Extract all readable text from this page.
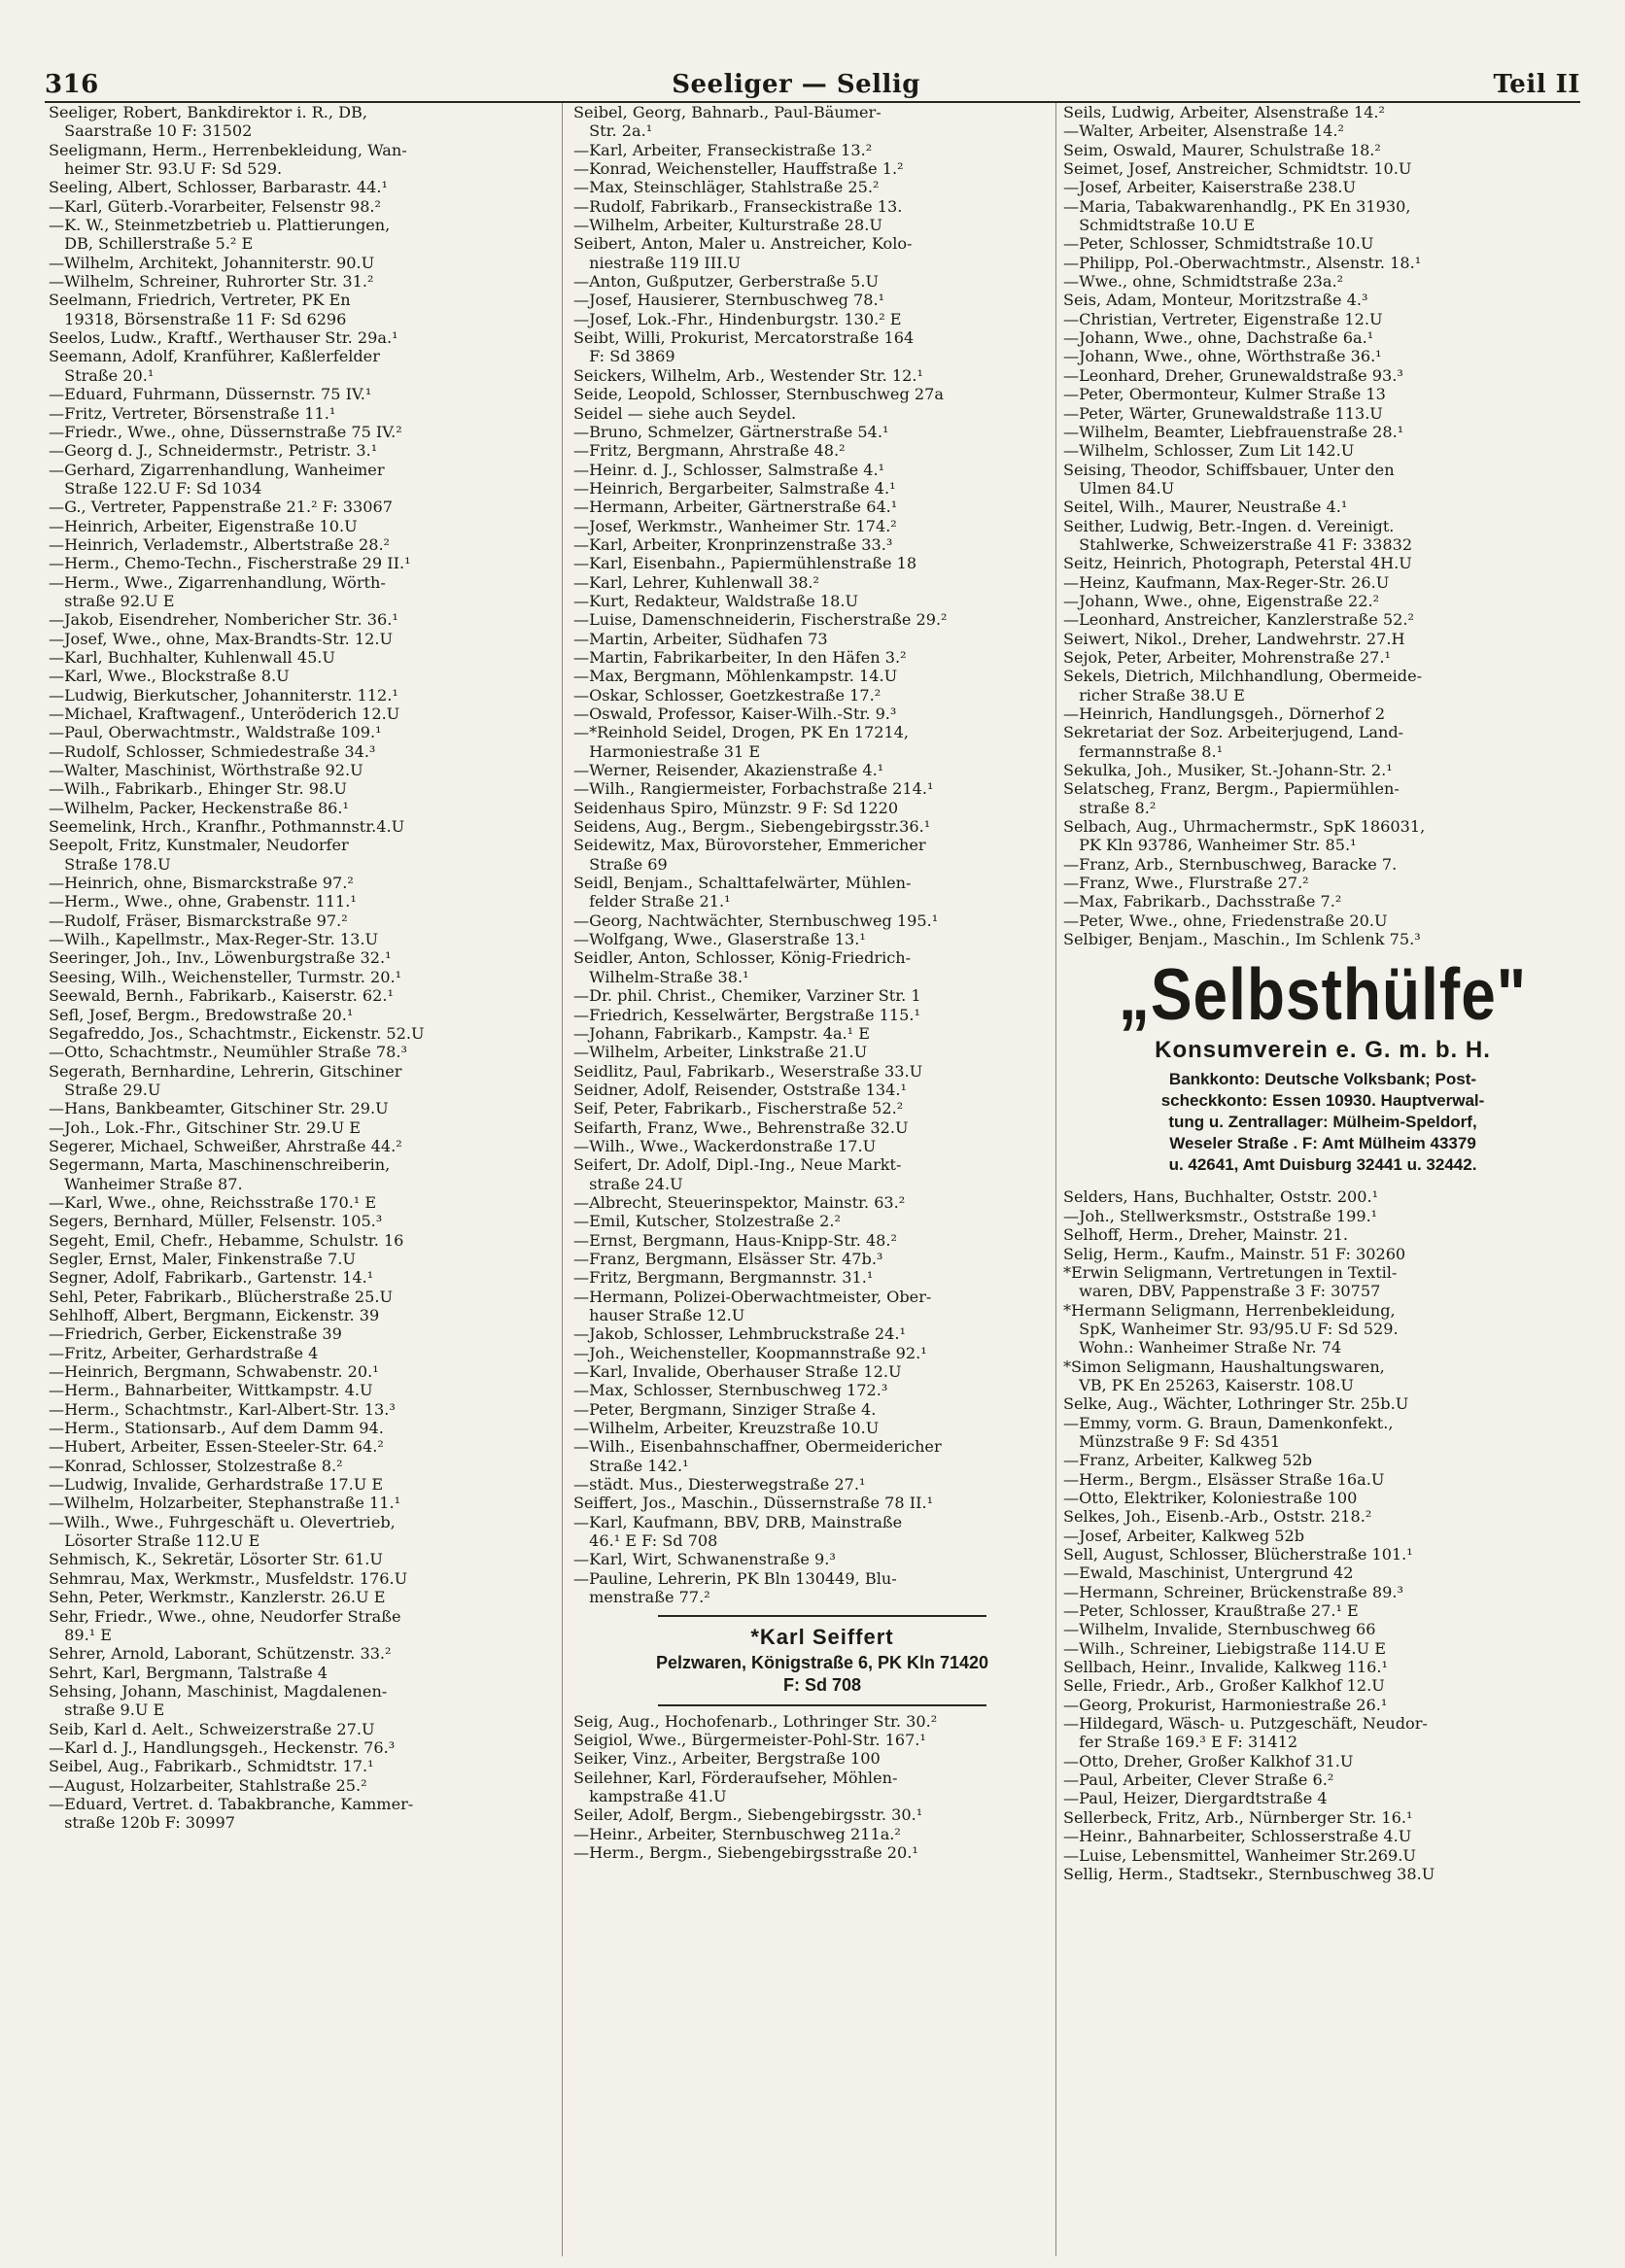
316	Seeliger — Sellig	Teil II
Seeliger, Robert, Bankdirektor i. R., DB,
 Saarstraße 10 F: 31502
Seeligmann, Herm., Herrenbekleidung, Wan-
 heimer Str. 93.U F: Sd 529.
Seeling, Albert, Schlosser, Barbarastr. 44.¹
—Karl, Güterb.-Vorarbeiter, Felsenstr 98.²
—K. W., Steinmetzbetrieb u. Plattierungen,
 DB, Schillerstraße 5.² E
—Wilhelm, Architekt, Johanniterstr. 90.U
—Wilhelm, Schreiner, Ruhrorter Str. 31.²
Seelmann, Friedrich, Vertreter, PK En
 19318, Börsenstraße 11 F: Sd 6296
Seelos, Ludw., Kraftf., Werthauser Str. 29a.¹
Seemann, Adolf, Kranführer, Kaßlerfelder
 Straße 20.¹
—Eduard, Fuhrmann, Düssernstr. 75 IV.¹
—Fritz, Vertreter, Börsenstraße 11.¹
—Friedr., Wwe., ohne, Düssernstraße 75 IV.²
—Georg d. J., Schneidermstr., Petristr. 3.¹
—Gerhard, Zigarrenhandlung, Wanheimer
 Straße 122.U F: Sd 1034
—G., Vertreter, Pappenstraße 21.² F: 33067
—Heinrich, Arbeiter, Eigenstraße 10.U
—Heinrich, Verlademstr., Albertstraße 28.²
—Herm., Chemo-Techn., Fischerstraße 29 II.¹
—Herm., Wwe., Zigarrenhandlung, Wörth-
 straße 92.U E
—Jakob, Eisendreher, Nombericher Str. 36.¹
—Josef, Wwe., ohne, Max-Brandts-Str. 12.U
—Karl, Buchhalter, Kuhlenwall 45.U
—Karl, Wwe., Blockstraße 8.U
—Ludwig, Bierkutscher, Johanniterstr. 112.¹
—Michael, Kraftwagenf., Unteröderich 12.U
—Paul, Oberwachtmstr., Waldstraße 109.¹
—Rudolf, Schlosser, Schmiedestraße 34.³
—Walter, Maschinist, Wörthstraße 92.U
—Wilh., Fabrikarb., Ehinger Str. 98.U
—Wilhelm, Packer, Heckenstraße 86.¹
Seemelink, Hrch., Kranfhr., Pothmannstr.4.U
Seepolt, Fritz, Kunstmaler, Neudorfer
 Straße 178.U
—Heinrich, ohne, Bismarckstraße 97.²
—Herm., Wwe., ohne, Grabenstr. 111.¹
—Rudolf, Fräser, Bismarckstraße 97.²
—Wilh., Kapellmstr., Max-Reger-Str. 13.U
Seeringer, Joh., Inv., Löwenburgstraße 32.¹
Seesing, Wilh., Weichensteller, Turmstr. 20.¹
Seewald, Bernh., Fabrikarb., Kaiserstr. 62.¹
Sefl, Josef, Bergm., Bredowstraße 20.¹
Segafreddo, Jos., Schachtmstr., Eickenstr. 52.U
—Otto, Schachtmstr., Neumühler Straße 78.³
Segerath, Bernhardine, Lehrerin, Gitschiner
 Straße 29.U
—Hans, Bankbeamter, Gitschiner Str. 29.U
—Joh., Lok.-Fhr., Gitschiner Str. 29.U E
Segerer, Michael, Schweißer, Ahrstraße 44.²
Segermann, Marta, Maschinenschreiberin,
 Wanheimer Straße 87.
—Karl, Wwe., ohne, Reichsstraße 170.¹ E
Segers, Bernhard, Müller, Felsenstr. 105.³
Segeht, Emil, Chefr., Hebamme, Schulstr. 16
Segler, Ernst, Maler, Finkenstraße 7.U
Segner, Adolf, Fabrikarb., Gartenstr. 14.¹
Sehl, Peter, Fabrikarb., Blücherstraße 25.U
Sehlhoff, Albert, Bergmann, Eickenstr. 39
—Friedrich, Gerber, Eickenstraße 39
—Fritz, Arbeiter, Gerhardstraße 4
—Heinrich, Bergmann, Schwabenstr. 20.¹
—Herm., Bahnarbeiter, Wittkampstr. 4.U
—Herm., Schachtmstr., Karl-Albert-Str. 13.³
—Herm., Stationsarb., Auf dem Damm 94.
—Hubert, Arbeiter, Essen-Steeler-Str. 64.²
—Konrad, Schlosser, Stolzestraße 8.²
—Ludwig, Invalide, Gerhardstraße 17.U E
—Wilhelm, Holzarbeiter, Stephanstraße 11.¹
—Wilh., Wwe., Fuhrgeschäft u. Olevertrieb,
 Lösorter Straße 112.U E
Sehmisch, K., Sekretär, Lösorter Str. 61.U
Sehmrau, Max, Werkmstr., Musfeldstr. 176.U
Sehn, Peter, Werkmstr., Kanzlerstr. 26.U E
Sehr, Friedr., Wwe., ohne, Neudorfer Straße
 89.¹ E
Sehrer, Arnold, Laborant, Schützenstr. 33.²
Sehrt, Karl, Bergmann, Talstraße 4
Sehsing, Johann, Maschinist, Magdalenen-
 straße 9.U E
Seib, Karl d. Aelt., Schweizerstraße 27.U
—Karl d. J., Handlungsgeh., Heckenstr. 76.³
Seibel, Aug., Fabrikarb., Schmidtstr. 17.¹
—August, Holzarbeiter, Stahlstraße 25.²
—Eduard, Vertret. d. Tabakbranche, Kammer-
 straße 120b F: 30997
Seibel, Georg, Bahnarb., Paul-Bäumer-
 Str. 2a.¹
—Karl, Arbeiter, Franseckistraße 13.²
—Konrad, Weichensteller, Hauffstraße 1.²
—Max, Steinschläger, Stahlstraße 25.²
—Rudolf, Fabrikarb., Franseckistraße 13.
—Wilhelm, Arbeiter, Kulturstraße 28.U
Seibert, Anton, Maler u. Anstreicher, Kolo-
 niestraße 119 III.U
—Anton, Gußputzer, Gerberstraße 5.U
—Josef, Hausierer, Sternbuschweg 78.¹
—Josef, Lok.-Fhr., Hindenburgstr. 130.² E
Seibt, Willi, Prokurist, Mercatorstraße 164
 F: Sd 3869
Seickers, Wilhelm, Arb., Westender Str. 12.¹
Seide, Leopold, Schlosser, Sternbuschweg 27a
Seidel — siehe auch Seydel.
—Bruno, Schmelzer, Gärtnerstraße 54.¹
—Fritz, Bergmann, Ahrstraße 48.²
—Heinr. d. J., Schlosser, Salmstraße 4.¹
—Heinrich, Bergarbeiter, Salmstraße 4.¹
—Hermann, Arbeiter, Gärtnerstraße 64.¹
—Josef, Werkmstr., Wanheimer Str. 174.²
—Karl, Arbeiter, Kronprinzenstraße 33.³
—Karl, Eisenbahn., Papiermühlenstraße 18
—Karl, Lehrer, Kuhlenwall 38.²
—Kurt, Redakteur, Waldstraße 18.U
—Luise, Damenschneiderin, Fischerstraße 29.²
—Martin, Arbeiter, Südhafen 73
—Martin, Fabrikarbeiter, In den Häfen 3.²
—Max, Bergmann, Möhlenkampstr. 14.U
—Oskar, Schlosser, Goetzkestraße 17.²
—Oswald, Professor, Kaiser-Wilh.-Str. 9.³
—*Reinhold Seidel, Drogen, PK En 17214,
 Harmoniestraße 31 E
—Werner, Reisender, Akazienstraße 4.¹
—Wilh., Rangiermeister, Forbachstraße 214.¹
Seidenhaus Spiro, Münzstr. 9 F: Sd 1220
Seidens, Aug., Bergm., Siebengebirgsstr.36.¹
Seidewitz, Max, Bürovorsteher, Emmericher
 Straße 69
Seidl, Benjam., Schalttafelwärter, Mühlen-
 felder Straße 21.¹
—Georg, Nachtwächter, Sternbuschweg 195.¹
—Wolfgang, Wwe., Glaserstraße 13.¹
Seidler, Anton, Schlosser, König-Friedrich-
 Wilhelm-Straße 38.¹
—Dr. phil. Christ., Chemiker, Varziner Str. 1
—Friedrich, Kesselwärter, Bergstraße 115.¹
—Johann, Fabrikarb., Kampstr. 4a.¹ E
—Wilhelm, Arbeiter, Linkstraße 21.U
Seidlitz, Paul, Fabrikarb., Weserstraße 33.U
Seidner, Adolf, Reisender, Oststraße 134.¹
Seif, Peter, Fabrikarb., Fischerstraße 52.²
Seifarth, Franz, Wwe., Behrenstraße 32.U
—Wilh., Wwe., Wackerdonstraße 17.U
Seifert, Dr. Adolf, Dipl.-Ing., Neue Markt-
 straße 24.U
—Albrecht, Steuerinspektor, Mainstr. 63.²
—Emil, Kutscher, Stolzestraße 2.²
—Ernst, Bergmann, Haus-Knipp-Str. 48.²
—Franz, Bergmann, Elsässer Str. 47b.³
—Fritz, Bergmann, Bergmannstr. 31.¹
—Hermann, Polizei-Oberwachtmeister, Ober-
 hauser Straße 12.U
—Jakob, Schlosser, Lehmbruckstraße 24.¹
—Joh., Weichensteller, Koopmannstraße 92.¹
—Karl, Invalide, Oberhauser Straße 12.U
—Max, Schlosser, Sternbuschweg 172.³
—Peter, Bergmann, Sinziger Straße 4.
—Wilhelm, Arbeiter, Kreuzstraße 10.U
—Wilh., Eisenbahnschaffner, Obermeidericher
 Straße 142.¹
—städt. Mus., Diesterwegstraße 27.¹
Seiffert, Jos., Maschin., Düssernstraße 78 II.¹
—Karl, Kaufmann, BBV, DRB, Mainstraße
 46.¹ E F: Sd 708
—Karl, Wirt, Schwanenstraße 9.³
—Pauline, Lehrerin, PK Bln 130449, Blu-
 menstraße 77.²
*Karl Seiffert
Pelzwaren, Königstraße 6, PK Kln 71420
F: Sd 708
Seig, Aug., Hochofenarb., Lothringer Str. 30.²
Seigiol, Wwe., Bürgermeister-Pohl-Str. 167.¹
Seiker, Vinz., Arbeiter, Bergstraße 100
Seilehner, Karl, Förderaufseher, Möhlen-
 kampstraße 41.U
Seiler, Adolf, Bergm., Siebengebirgsstr. 30.¹
—Heinr., Arbeiter, Sternbuschweg 211a.²
—Herm., Bergm., Siebengebirgsstraße 20.¹
Seils, Ludwig, Arbeiter, Alsenstraße 14.²
—Walter, Arbeiter, Alsenstraße 14.²
Seim, Oswald, Maurer, Schulstraße 18.²
Seimet, Josef, Anstreicher, Schmidtstr. 10.U
—Josef, Arbeiter, Kaiserstraße 238.U
—Maria, Tabakwarenhandlg., PK En 31930,
 Schmidtstraße 10.U E
—Peter, Schlosser, Schmidtstraße 10.U
—Philipp, Pol.-Oberwachtmstr., Alsenstr. 18.¹
—Wwe., ohne, Schmidtstraße 23a.²
Seis, Adam, Monteur, Moritzstraße 4.³
—Christian, Vertreter, Eigenstraße 12.U
—Johann, Wwe., ohne, Dachstraße 6a.¹
—Johann, Wwe., ohne, Wörthstraße 36.¹
—Leonhard, Dreher, Grunewaldstraße 93.³
—Peter, Obermonteur, Kulmer Straße 13
—Peter, Wärter, Grunewaldstraße 113.U
—Wilhelm, Beamter, Liebfrauenstraße 28.¹
—Wilhelm, Schlosser, Zum Lit 142.U
Seising, Theodor, Schiffsbauer, Unter den
 Ulmen 84.U
Seitel, Wilh., Maurer, Neustraße 4.¹
Seither, Ludwig, Betr.-Ingen. d. Vereinigt.
 Stahlwerke, Schweizerstraße 41 F: 33832
Seitz, Heinrich, Photograph, Peterstal 4H.U
—Heinz, Kaufmann, Max-Reger-Str. 26.U
—Johann, Wwe., ohne, Eigenstraße 22.²
—Leonhard, Anstreicher, Kanzlerstraße 52.²
Seiwert, Nikol., Dreher, Landwehrstr. 27.H
Sejok, Peter, Arbeiter, Mohrenstraße 27.¹
Sekels, Dietrich, Milchhandlung, Obermeide-
 richer Straße 38.U E
—Heinrich, Handlungsgeh., Dörnerhof 2
Sekretariat der Soz. Arbeiterjugend, Land-
 fermannstraße 8.¹
Sekulka, Joh., Musiker, St.-Johann-Str. 2.¹
Selatscheg, Franz, Bergm., Papiermühlen-
 straße 8.²
Selbach, Aug., Uhrmachermstr., SpK 186031,
 PK Kln 93786, Wanheimer Str. 85.¹
—Franz, Arb., Sternbuschweg, Baracke 7.
—Franz, Wwe., Flurstraße 27.²
—Max, Fabrikarb., Dachsstraße 7.²
—Peter, Wwe., ohne, Friedenstraße 20.U
Selbiger, Benjam., Maschin., Im Schlenk 75.³
„Selbsthülfe"
Konsumverein e. G. m. b. H.
Bankkonto: Deutsche Volksbank; Post-
scheckkonto: Essen 10930. Hauptverwal-
tung u. Zentrallager: Mülheim-Speldorf,
Weseler Straße . F: Amt Mülheim 43379
u. 42641, Amt Duisburg 32441 u. 32442.
Selders, Hans, Buchhalter, Oststr. 200.¹
—Joh., Stellwerksmstr., Oststraße 199.¹
Selhoff, Herm., Dreher, Mainstr. 21.
Selig, Herm., Kaufm., Mainstr. 51 F: 30260
*Erwin Seligmann, Vertretungen in Textil-
 waren, DBV, Pappenstraße 3 F: 30757
*Hermann Seligmann, Herrenbekleidung,
 SpK, Wanheimer Str. 93/95.U F: Sd 529.
 Wohn.: Wanheimer Straße Nr. 74
*Simon Seligmann, Haushaltungswaren,
 VB, PK En 25263, Kaiserstr. 108.U
Selke, Aug., Wächter, Lothringer Str. 25b.U
—Emmy, vorm. G. Braun, Damenkonfekt.,
 Münzstraße 9 F: Sd 4351
—Franz, Arbeiter, Kalkweg 52b
—Herm., Bergm., Elsässer Straße 16a.U
—Otto, Elektriker, Koloniestraße 100
Selkes, Joh., Eisenb.-Arb., Oststr. 218.²
—Josef, Arbeiter, Kalkweg 52b
Sell, August, Schlosser, Blücherstraße 101.¹
—Ewald, Maschinist, Untergrund 42
—Hermann, Schreiner, Brückenstraße 89.³
—Peter, Schlosser, Kraußtraße 27.¹ E
—Wilhelm, Invalide, Sternbuschweg 66
—Wilh., Schreiner, Liebigstraße 114.U E
Sellbach, Heinr., Invalide, Kalkweg 116.¹
Selle, Friedr., Arb., Großer Kalkhof 12.U
—Georg, Prokurist, Harmoniestraße 26.¹
—Hildegard, Wäsch- u. Putzgeschäft, Neudor-
 fer Straße 169.³ E F: 31412
—Otto, Dreher, Großer Kalkhof 31.U
—Paul, Arbeiter, Clever Straße 6.²
—Paul, Heizer, Diergardtstraße 4
Sellerbeck, Fritz, Arb., Nürnberger Str. 16.¹
—Heinr., Bahnarbeiter, Schlosserstraße 4.U
—Luise, Lebensmittel, Wanheimer Str.269.U
Sellig, Herm., Stadtsekr., Sternbuschweg 38.U
